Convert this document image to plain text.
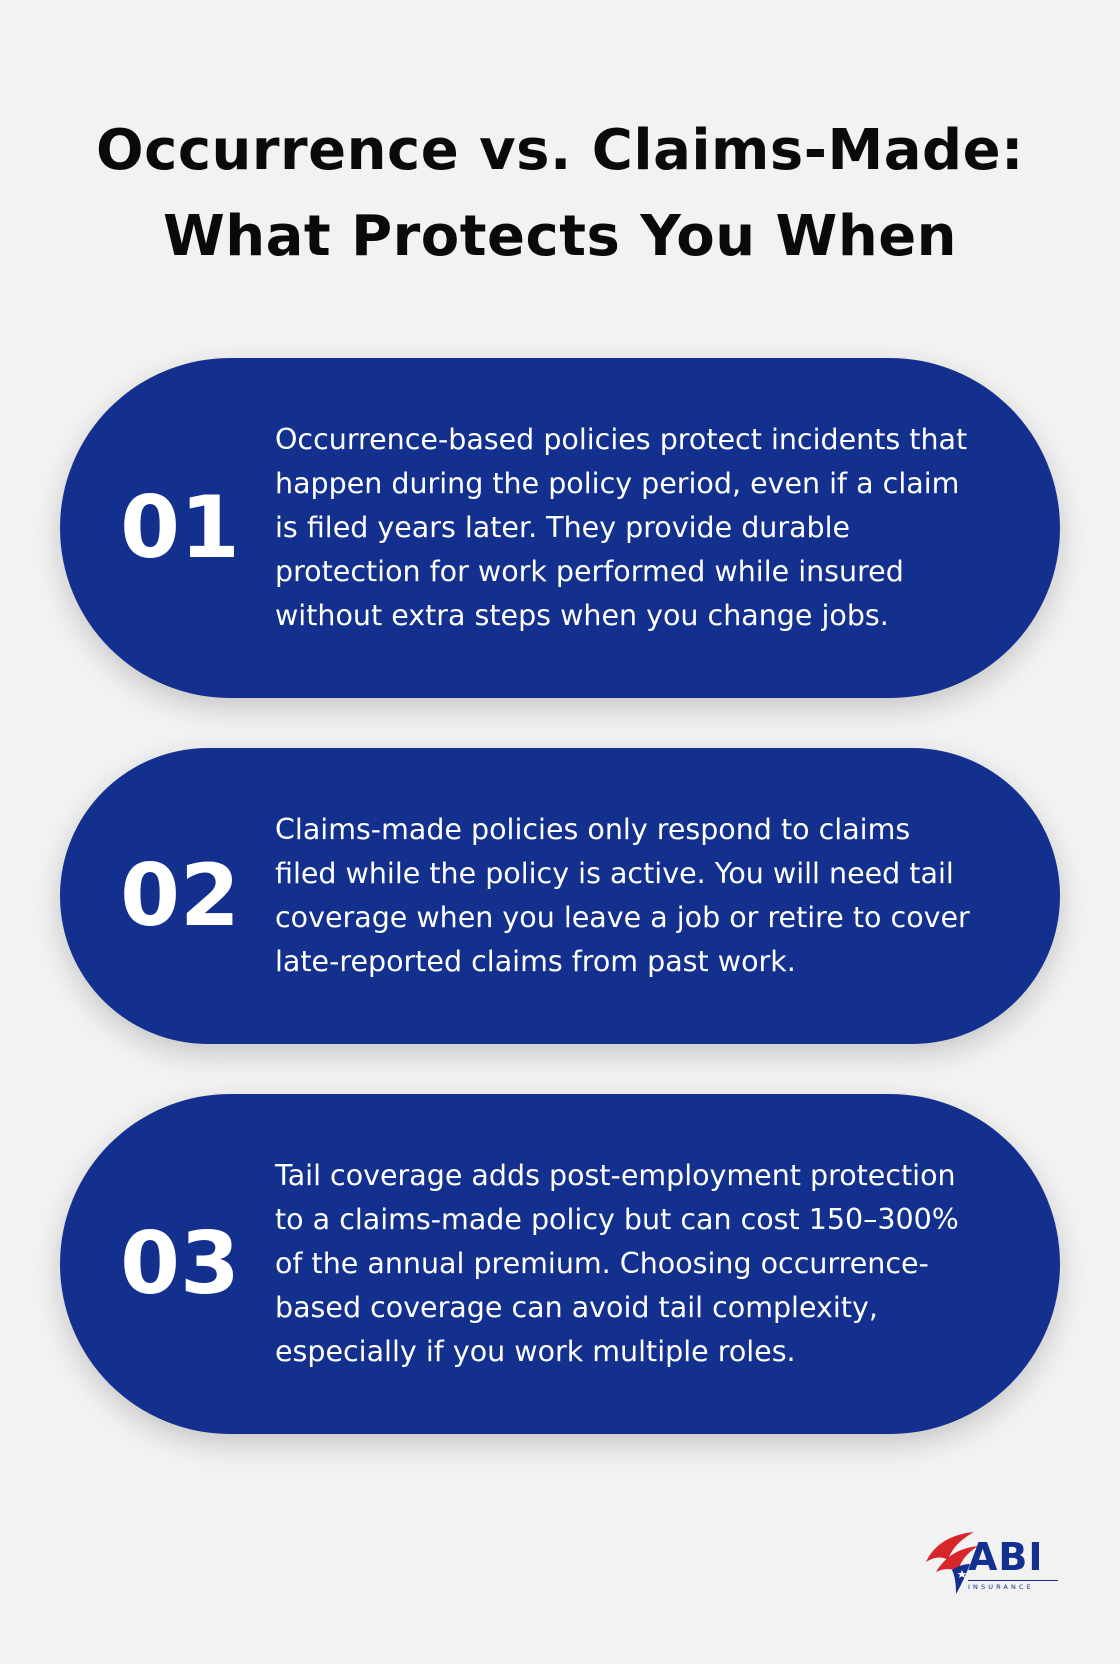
Occurrence vs. Claims-Made:
What Protects You When
01

Occurrence-based policies protect incidents that
happen during the policy period, even if a claim
is filed years later. They provide durable
protection for work performed while insured
without extra steps when you change jobs.

02

Claims-made policies only respond to claims
filed while the policy is active. You will need tail
coverage when you leave a job or retire to cover
late-reported claims from past work.

03

Tail coverage adds post-employment protection
to a claims-made policy but can cost 150–300%
of the annual premium. Choosing occurrence-
based coverage can avoid tail complexity,
especially if you work multiple roles.

ABI
INSURANCE
